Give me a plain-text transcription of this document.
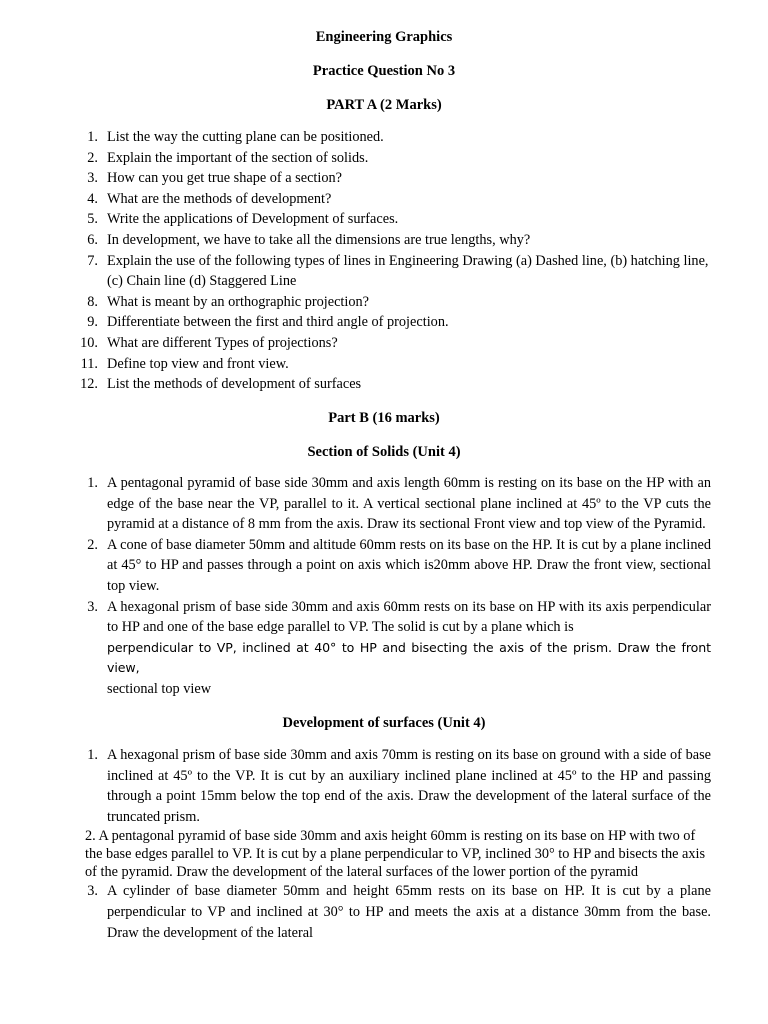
Engineering Graphics
Practice Question No 3
PART A (2 Marks)
1. List the way the cutting plane can be positioned.
2. Explain the important of the section of solids.
3. How can you get true shape of a section?
4. What are the methods of development?
5. Write the applications of Development of surfaces.
6. In development, we have to take all the dimensions are true lengths, why?
7. Explain the use of the following types of lines in Engineering Drawing (a) Dashed line, (b) hatching line, (c) Chain line (d) Staggered Line
8. What is meant by an orthographic projection?
9. Differentiate between the first and third angle of projection.
10. What are different Types of projections?
11. Define top view and front view.
12. List the methods of development of surfaces
Part B (16 marks)
Section of Solids (Unit 4)
1. A pentagonal pyramid of base side 30mm and axis length 60mm is resting on its base on the HP with an edge of the base near the VP, parallel to it. A vertical sectional plane inclined at 45º to the VP cuts the pyramid at a distance of 8 mm from the axis. Draw its sectional Front view and top view of the Pyramid.
2. A cone of base diameter 50mm and altitude 60mm rests on its base on the HP. It is cut by a plane inclined at 45° to HP and passes through a point on axis which is20mm above HP. Draw the front view, sectional top view.
3. A hexagonal prism of base side 30mm and axis 60mm rests on its base on HP with its axis perpendicular to HP and one of the base edge parallel to VP. The solid is cut by a plane which is
perpendicular to VP, inclined at 40° to HP and bisecting the axis of the prism. Draw the front view,
sectional top view
Development of surfaces (Unit 4)
1. A hexagonal prism of base side 30mm and axis 70mm is resting on its base on ground with a side of base inclined at 45º to the VP. It is cut by an auxiliary inclined plane inclined at 45º to the HP and passing through a point 15mm below the top end of the axis. Draw the development of the lateral surface of the truncated prism.
2. A pentagonal pyramid of base side 30mm and axis height 60mm is resting on its base on HP with two of the base edges parallel to VP. It is cut by a plane perpendicular to VP, inclined 30° to HP and bisects the axis of the pyramid. Draw the development of the lateral surfaces of the lower portion of the pyramid
3. A cylinder of base diameter 50mm and height 65mm rests on its base on HP. It is cut by a plane perpendicular to VP and inclined at 30° to HP and meets the axis at a distance 30mm from the base. Draw the development of the lateral
